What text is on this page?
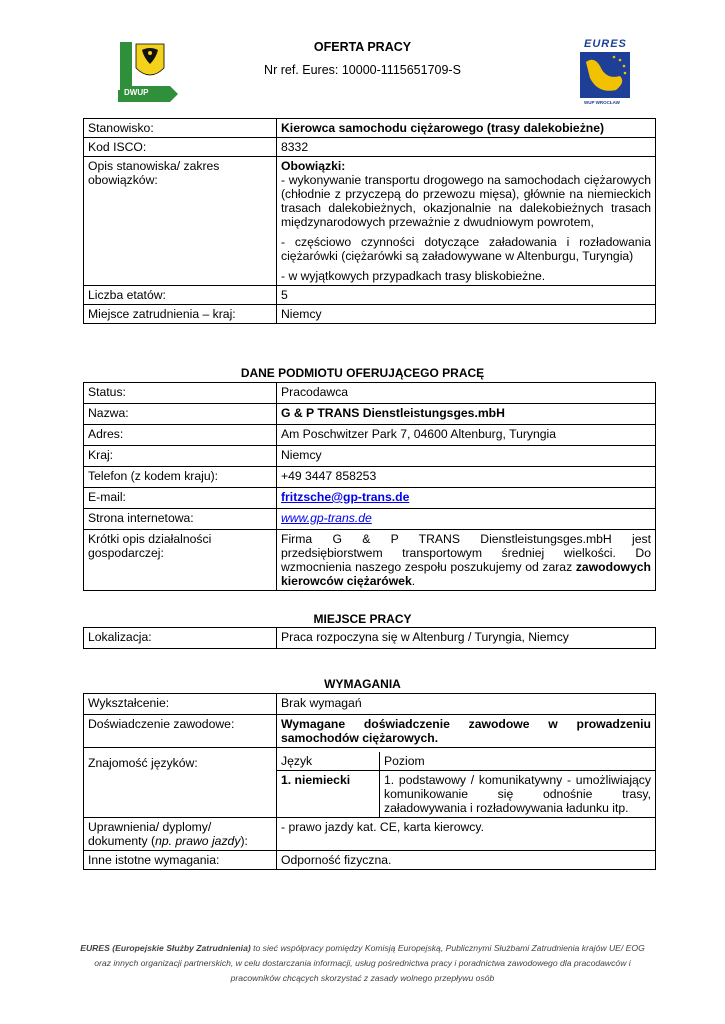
DWUP
OFERTA PRACY
Nr ref. Eures: 10000-1115651709-S
EURES
WUP WROCŁAW
Stanowisko:	Kierowca samochodu ciężarowego (trasy dalekobieżne)
Kod ISCO:	8332
Opis stanowiska/ zakres obowiązków:	Obowiązki:
- wykonywanie transportu drogowego na samochodach ciężarowych (chłodnie z przyczepą do przewozu mięsa), głównie na niemieckich trasach dalekobieżnych, okazjonalnie na dalekobieżnych trasach międzynarodowych przeważnie z dwudniowym powrotem,
- częściowo czynności dotyczące załadowania i rozładowania ciężarówki (ciężarówki są załadowywane w Altenburgu, Turyngia)
- w wyjątkowych przypadkach trasy bliskobieżne.

Liczba etatów:	5
Miejsce zatrudnienia – kraj:	Niemcy
DANE PODMIOTU OFERUJĄCEGO PRACĘ
Status:	Pracodawca
Nazwa:	G & P TRANS Dienstleistungsges.mbH
Adres:	Am Poschwitzer Park 7, 04600 Altenburg, Turyngia
Kraj:	Niemcy
Telefon (z kodem kraju):	+49 3447 858253
E-mail:	fritzsche@gp-trans.de
Strona internetowa:	www.gp-trans.de
Krótki opis działalności gospodarczej:	Firma G & P TRANS Dienstleistungsges.mbH jest przedsiębiorstwem transportowym średniej wielkości. Do wzmocnienia naszego zespołu poszukujemy od zaraz zawodowych kierowców ciężarówek.
MIEJSCE PRACY
Lokalizacja:	Praca rozpoczyna się w Altenburg / Turyngia, Niemcy
WYMAGANIA
Wykształcenie:	Brak wymagań
Doświadczenie zawodowe:	Wymagane doświadczenie zawodowe w prowadzeniu samochodów ciężarowych.
Znajomość języków:		Język	Poziom
1. niemiecki	1. podstawowy / komunikatywny - umożliwiający komunikowanie się odnośnie trasy, załadowywania i rozładowywania ładunku itp.

Uprawnienia/ dyplomy/ dokumenty (np. prawo jazdy):	- prawo jazdy kat. CE, karta kierowcy.
Inne istotne wymagania:	Odporność fizyczna.
EURES (Europejskie Służby Zatrudnienia) to sieć współpracy pomiędzy Komisją Europejską, Publicznymi Służbami Zatrudnienia krajów UE/ EOG
oraz innych organizacji partnerskich, w celu dostarczania informacji, usług pośrednictwa pracy i poradnictwa zawodowego dla pracodawców i
pracowników chcących skorzystać z zasady wolnego przepływu osób
